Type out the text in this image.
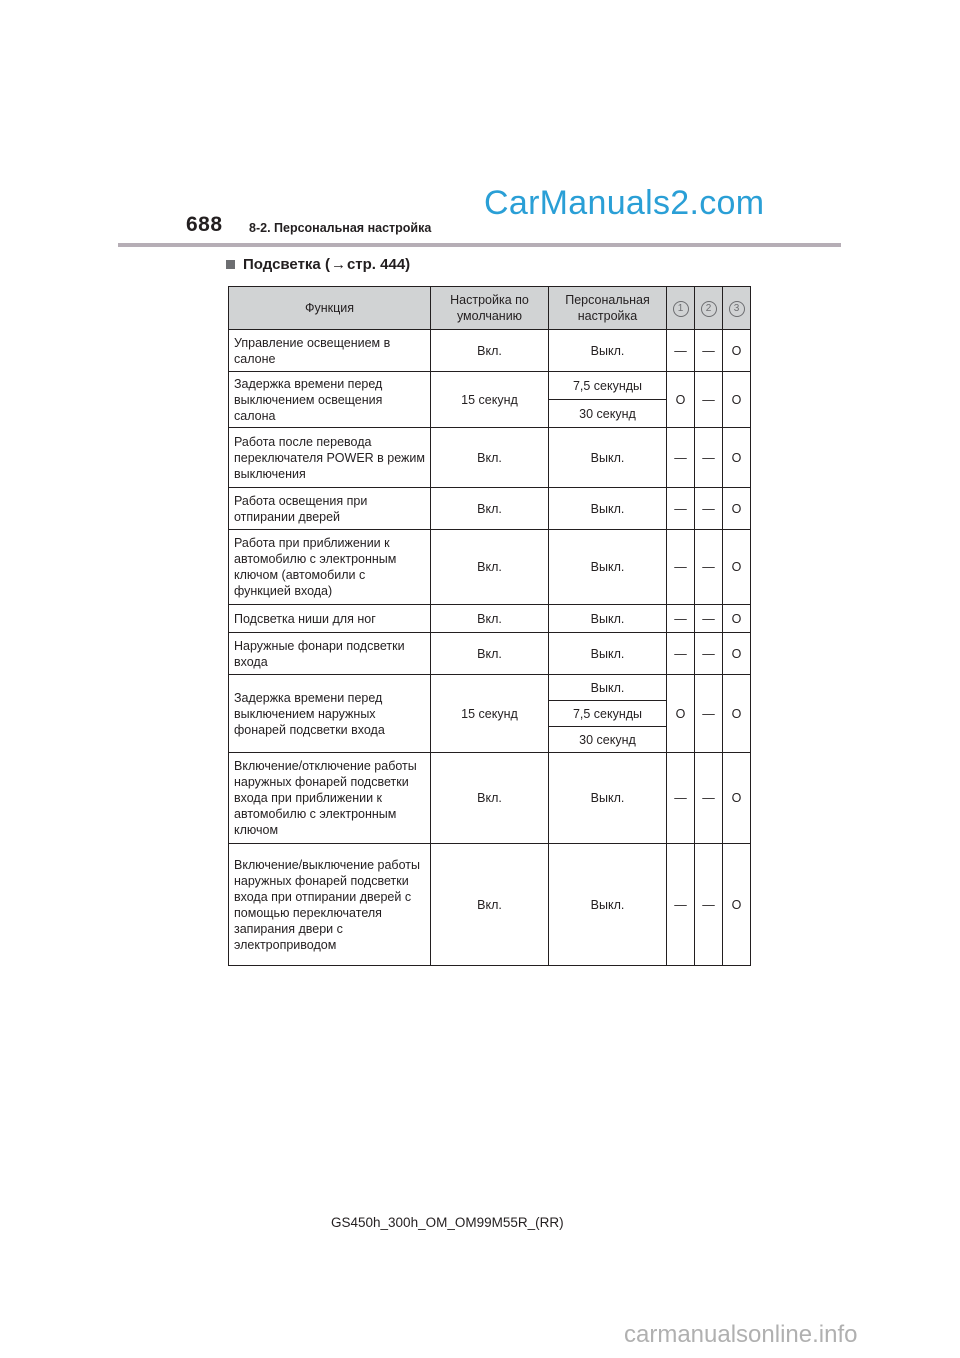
688 8-2. Персональная настройка
CarManuals2.com
Подсветка ( → стр. 444)
Функция	Настройка по умолчанию	Персональная настройка	1	2	3
Управление освещением в салоне	Вкл.	Выкл.	—	—	O
Задержка времени перед выключением освещения салона	15 секунд	7,5 секунды	O	—	O
		30 секунд			
Работа после перевода переключателя POWER в режим выключения	Вкл.	Выкл.	—	—	O
Работа освещения при отпирании дверей	Вкл.	Выкл.	—	—	O
Работа при приближении к автомобилю с электронным ключом (автомобили с функцией входа)	Вкл.	Выкл.	—	—	O
Подсветка ниши для ног	Вкл.	Выкл.	—	—	O
Наружные фонари подсветки входа	Вкл.	Выкл.	—	—	O
Задержка времени перед выключением наружных фонарей подсветки входа	15 секунд	Выкл.	O	—	O
		7,5 секунды			
		30 секунд			
Включение/отключение работы наружных фонарей подсветки входа при приближении к автомобилю с электронным ключом	Вкл.	Выкл.	—	—	O
Включение/выключение работы наружных фонарей подсветки входа при отпирании дверей с помощью переключателя запирания двери с электроприводом	Вкл.	Выкл.	—	—	O
GS450h_300h_OM_OM99M55R_(RR)
carmanualsonline.info
